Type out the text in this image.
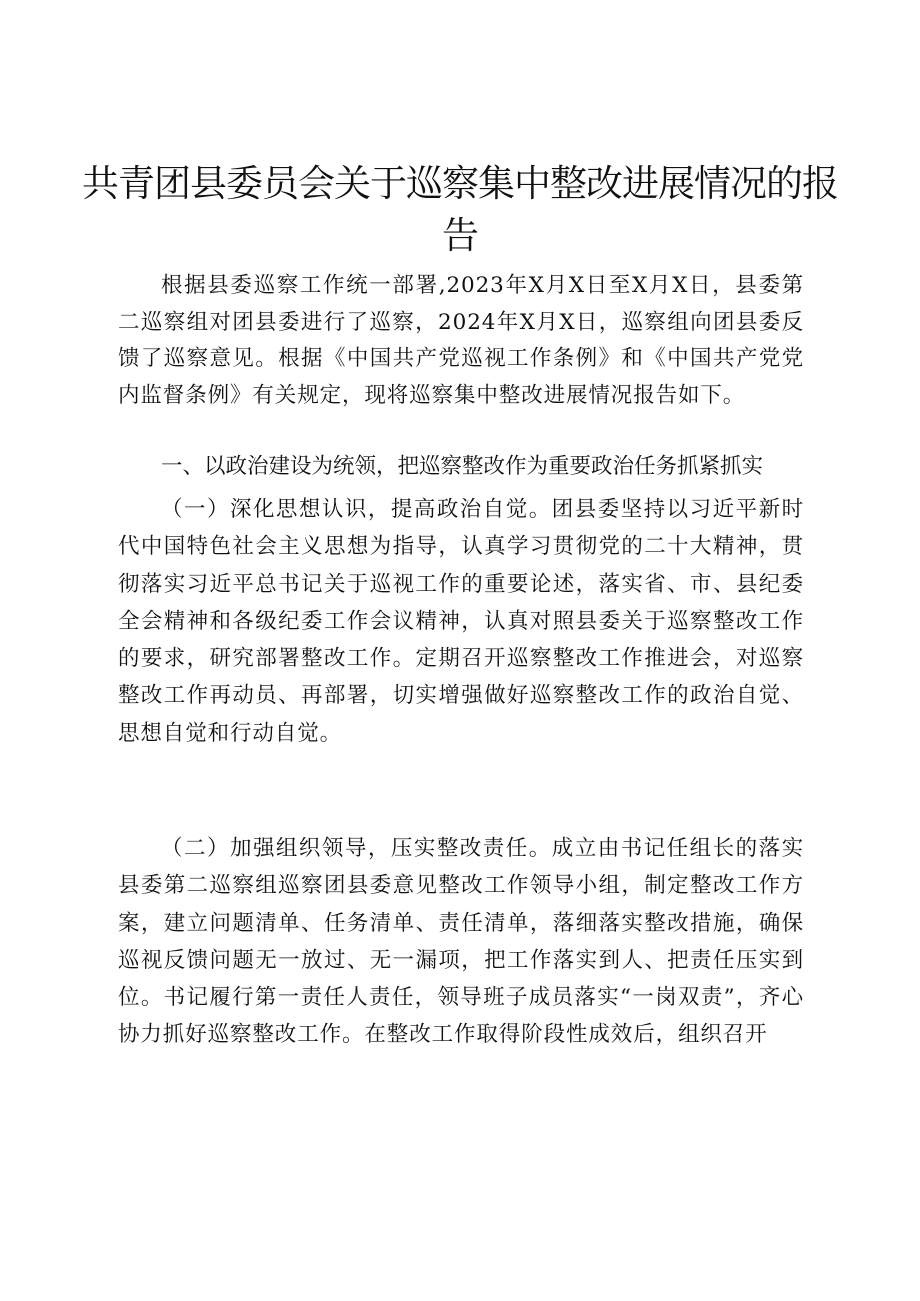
共青团县委员会关于巡察集中整改进展情况的报告

根据县委巡察工作统一部署,2023年X月X日至X月X日，县委第二巡察组对团县委进行了巡察，2024年X月X日，巡察组向团县委反馈了巡察意见。根据《中国共产党巡视工作条例》和《中国共产党党内监督条例》有关规定，现将巡察集中整改进展情况报告如下。

一、以政治建设为统领，把巡察整改作为重要政治任务抓紧抓实

（一）深化思想认识，提高政治自觉。团县委坚持以习近平新时代中国特色社会主义思想为指导，认真学习贯彻党的二十大精神，贯彻落实习近平总书记关于巡视工作的重要论述，落实省、市、县纪委全会精神和各级纪委工作会议精神，认真对照县委关于巡察整改工作的要求，研究部署整改工作。定期召开巡察整改工作推进会，对巡察整改工作再动员、再部署，切实增强做好巡察整改工作的政治自觉、思想自觉和行动自觉。

（二）加强组织领导，压实整改责任。成立由书记任组长的落实县委第二巡察组巡察团县委意见整改工作领导小组，制定整改工作方案，建立问题清单、任务清单、责任清单，落细落实整改措施，确保巡视反馈问题无一放过、无一漏项，把工作落实到人、把责任压实到位。书记履行第一责任人责任，领导班子成员落实“一岗双责”，齐心协力抓好巡察整改工作。在整改工作取得阶段性成效后，组织召开
